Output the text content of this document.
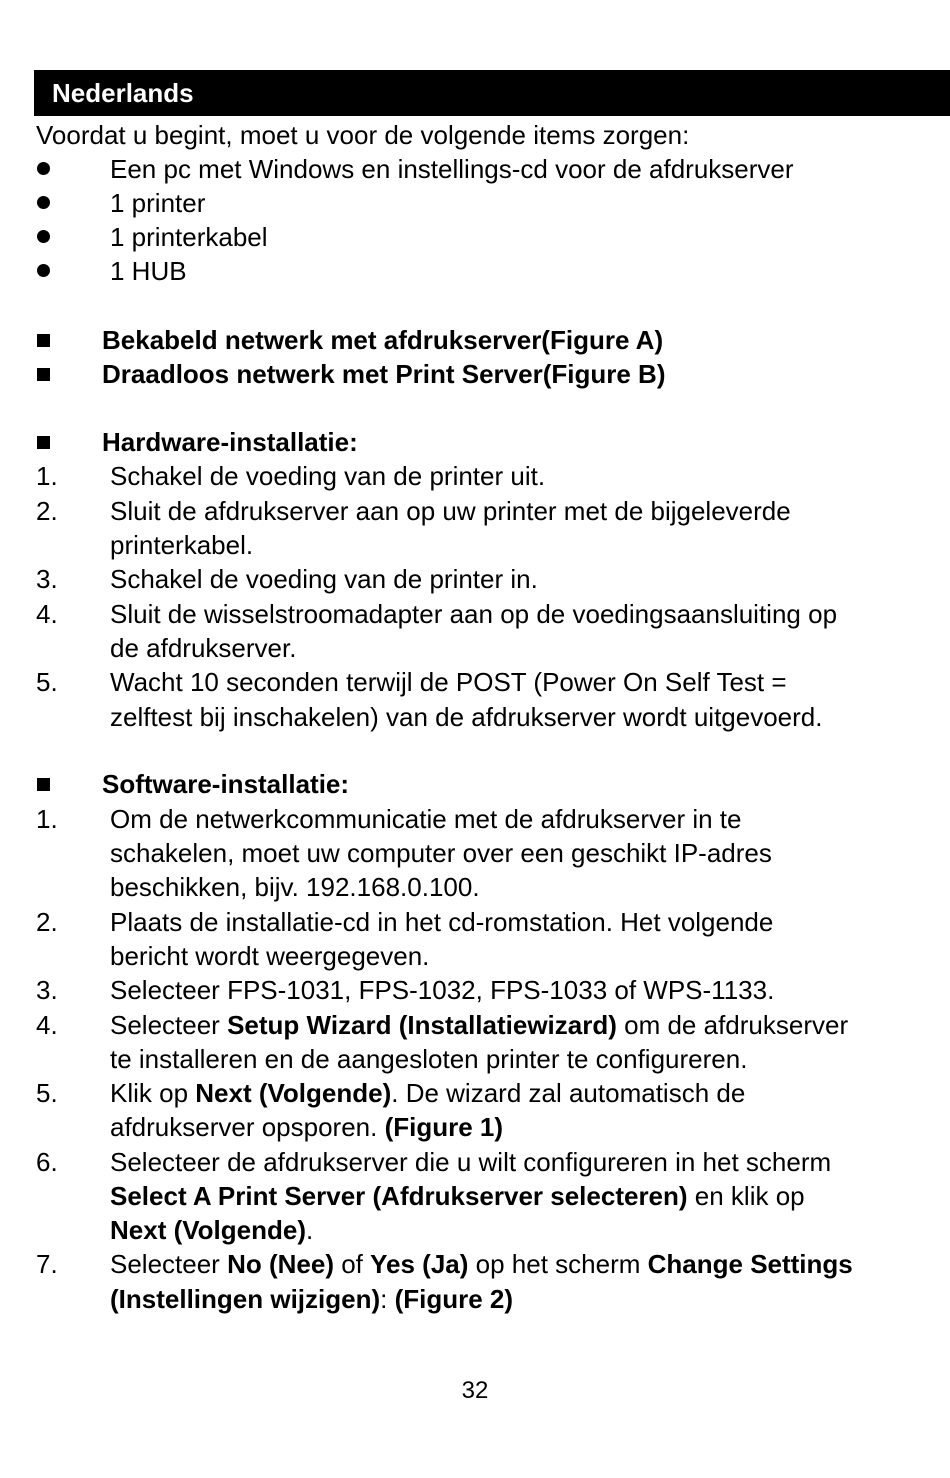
Nederlands
Voordat u begint, moet u voor de volgende items zorgen:
Een pc met Windows en instellings-cd voor de afdrukserver
1 printer
1 printerkabel
1 HUB
Bekabeld netwerk met afdrukserver(Figure A)
Draadloos netwerk met Print Server(Figure B)
Hardware-installatie:
1. Schakel de voeding van de printer uit.
2. Sluit de afdrukserver aan op uw printer met de bijgeleverde
printerkabel.
3. Schakel de voeding van de printer in.
4. Sluit de wisselstroomadapter aan op de voedingsaansluiting op
de afdrukserver.
5. Wacht 10 seconden terwijl de POST (Power On Self Test =
zelftest bij inschakelen) van de afdrukserver wordt uitgevoerd.
Software-installatie:
1. Om de netwerkcommunicatie met de afdrukserver in te
schakelen, moet uw computer over een geschikt IP-adres
beschikken, bijv. 192.168.0.100.
2. Plaats de installatie-cd in het cd-romstation. Het volgende
bericht wordt weergegeven.
3. Selecteer FPS-1031, FPS-1032, FPS-1033 of WPS-1133.
4. Selecteer Setup Wizard (Installatiewizard) om de afdrukserver
te installeren en de aangesloten printer te configureren.
5. Klik op Next (Volgende). De wizard zal automatisch de
afdrukserver opsporen. (Figure 1)
6. Selecteer de afdrukserver die u wilt configureren in het scherm
Select A Print Server (Afdrukserver selecteren) en klik op
Next (Volgende).
7. Selecteer No (Nee) of Yes (Ja) op het scherm Change Settings
(Instellingen wijzigen): (Figure 2)
32
